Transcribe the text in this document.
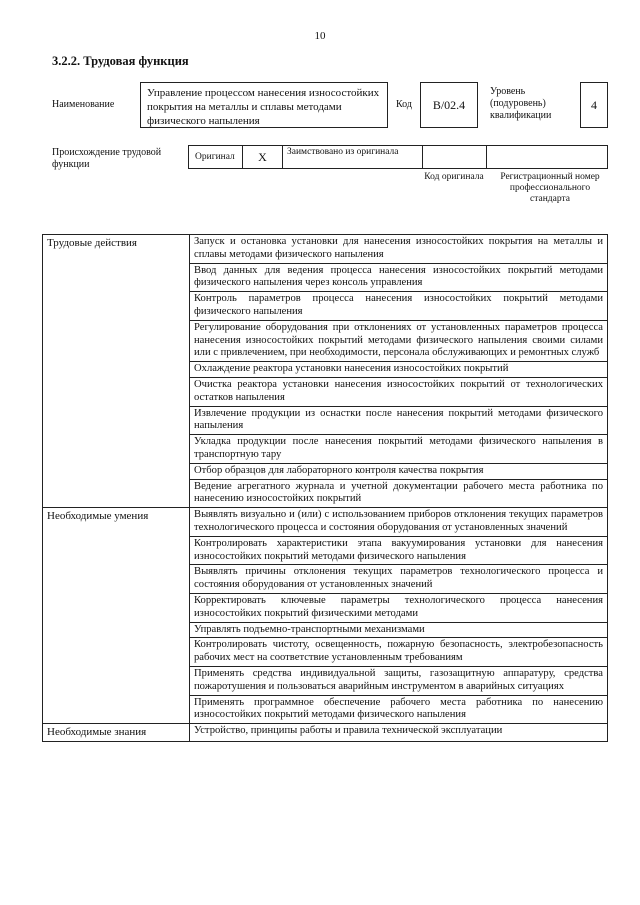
10
3.2.2. Трудовая функция
Наименование
Управление процессом нанесения износостойких покрытия на металлы и сплавы методами физического напыления
Код	В/02.4
Уровень (подуровень) квалификации
4
Происхождение трудовой функции
Оригинал	X	Заимствовано из оригинала
Код оригинала	Регистрационный номер профессионального стандарта
Трудовые действия	Запуск и остановка установки для нанесения износостойких покрытия на металлы и сплавы методами физического напыления
	Ввод данных для ведения процесса нанесения износостойких покрытий методами физического напыления через консоль управления
	Контроль параметров процесса нанесения износостойких покрытий методами физического напыления
	Регулирование оборудования при отклонениях от установленных параметров процесса нанесения износостойких покрытий методами физического напыления своими силами или с привлечением, при необходимости, персонала обслуживающих и ремонтных служб
	Охлаждение реактора установки нанесения износостойких покрытий
	Очистка реактора установки нанесения износостойких покрытий от технологических остатков напыления
	Извлечение продукции из оснастки после нанесения покрытий методами физического напыления
	Укладка продукции после нанесения покрытий методами физического напыления в транспортную тару
	Отбор образцов для лабораторного контроля качества покрытия
	Ведение агрегатного журнала и учетной документации рабочего места работника по нанесению износостойких покрытий
Необходимые умения	Выявлять визуально и (или) с использованием приборов отклонения текущих параметров технологического процесса и состояния оборудования от установленных значений
	Контролировать характеристики этапа вакуумирования установки для нанесения износостойких покрытий методами физического напыления
	Выявлять причины отклонения текущих параметров технологического процесса и состояния оборудования от установленных значений
	Корректировать ключевые параметры технологического процесса нанесения износостойких покрытий физическими методами
	Управлять подъемно-транспортными механизмами
	Контролировать чистоту, освещенность, пожарную безопасность, электробезопасность рабочих мест на соответствие установленным требованиям
	Применять средства индивидуальной защиты, газозащитную аппаратуру, средства пожаротушения и пользоваться аварийным инструментом в аварийных ситуациях
	Применять программное обеспечение рабочего места работника по нанесению износостойких покрытий методами физического напыления
Необходимые знания	Устройство, принципы работы и правила технической эксплуатации
